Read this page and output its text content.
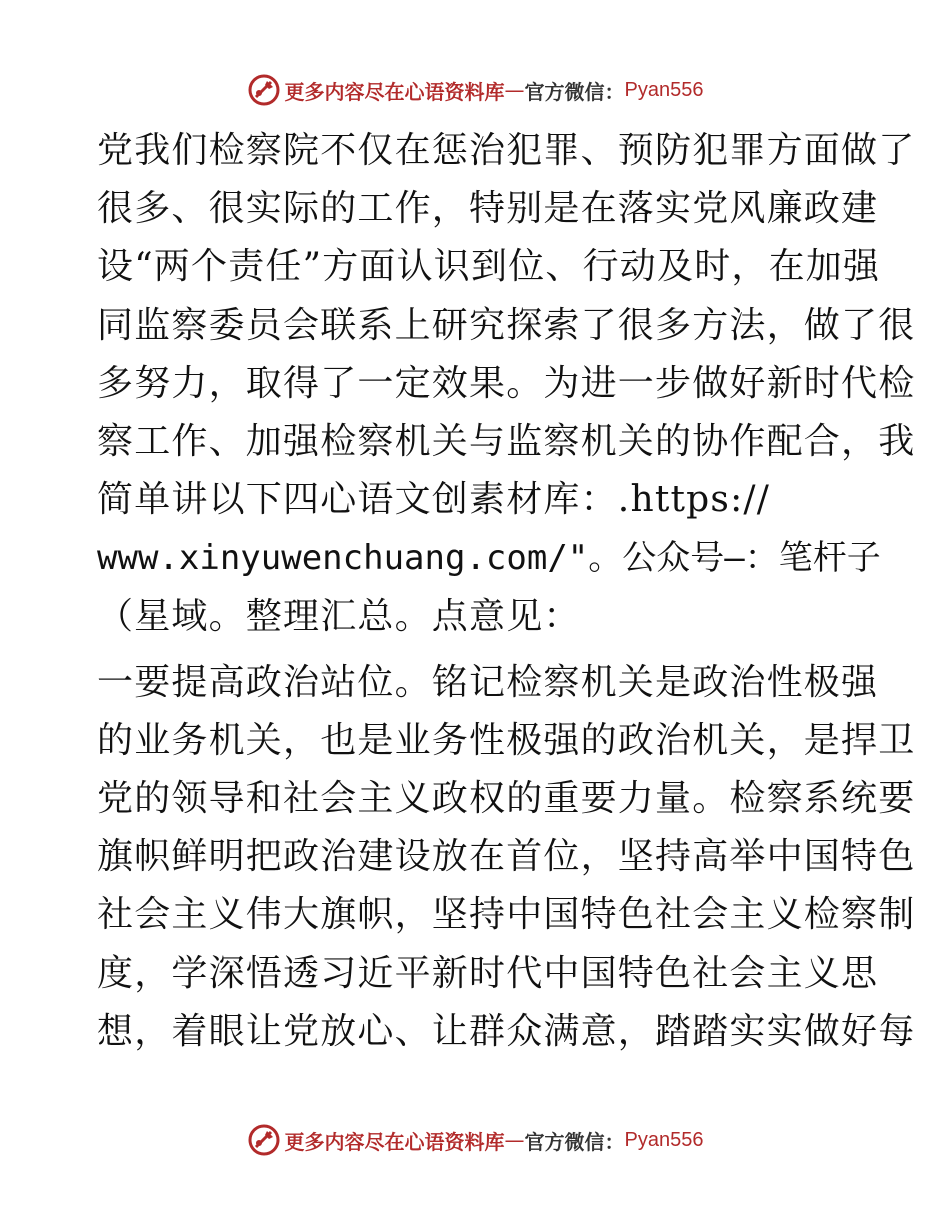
更多内容尽在心语资料库 — 官方微信： Pyan556
党我们检察院不仅在惩治犯罪、预防犯罪方面做了
很多、很实际的工作，特别是在落实党风廉政建
设“两个责任”方面认识到位、行动及时，在加强
同监察委员会联系上研究探索了很多方法，做了很
多努力，取得了一定效果。为进一步做好新时代检
察工作、加强检察机关与监察机关的协作配合，我
简单讲以下四心语文创素材库：.https://
www.xinyuwenchuang.com/"。公众号—：笔杆子
（星域。整理汇总。点意见：
一要提高政治站位。铭记检察机关是政治性极强
的业务机关，也是业务性极强的政治机关，是捍卫
党的领导和社会主义政权的重要力量。检察系统要
旗帜鲜明把政治建设放在首位，坚持高举中国特色
社会主义伟大旗帜，坚持中国特色社会主义检察制
度，学深悟透习近平新时代中国特色社会主义思
想，着眼让党放心、让群众满意，踏踏实实做好每
更多内容尽在心语资料库 — 官方微信： Pyan556
